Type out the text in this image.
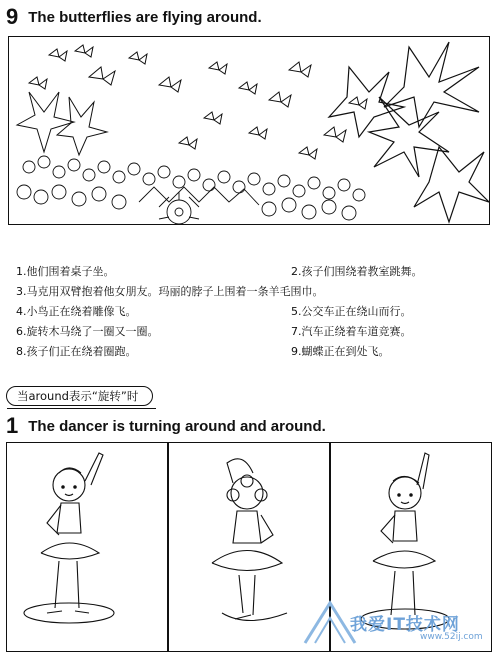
9 The butterflies are flying around.
1.他们围着桌子坐。	2.孩子们围绕着教室跳舞。
3.马克用双臂抱着他女朋友。玛丽的脖子上围着一条羊毛围巾。
4.小鸟正在绕着雕像飞。	5.公交车正在绕山而行。
6.旋转木马绕了一圈又一圈。	7.汽车正绕着车道竞赛。
8.孩子们正在绕着圈跑。	9.蝴蝶正在到处飞。
当around表示“旋转”时
1 The dancer is turning around and around.
我爱IT技术网
www.52ij.com
